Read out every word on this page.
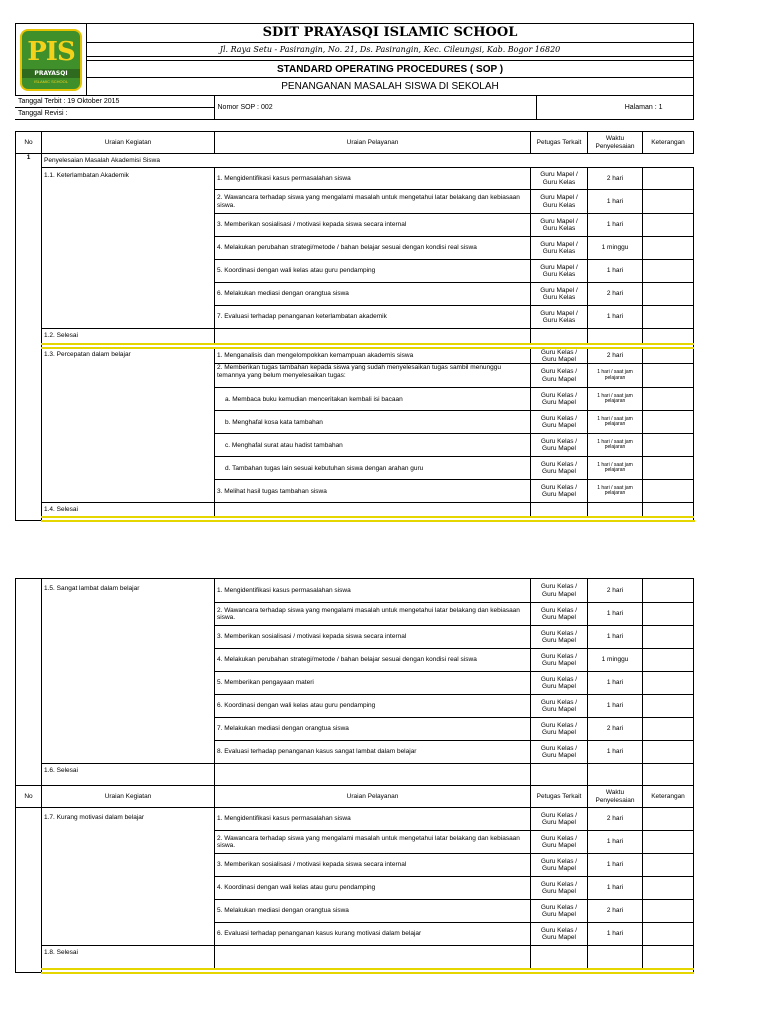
PIS
PRAYASQI
ISLAMIC SCHOOL
	SDIT PRAYASQI ISLAMIC SCHOOL
Jl. Raya Setu - Pasirangin, No. 21, Ds. Pasirangin, Kec. Cileungsi, Kab. Bogor 16820

STANDARD OPERATING PROCEDURES ( SOP )
PENANGANAN MASALAH SISWA DI SEKOLAH
Tanggal Terbit : 19 Oktober 2015	Nomor SOP : 002	Halaman : 1
Tanggal Revisi :
No	Uraian Kegiatan	Uraian Pelayanan	Petugas Terkait	Waktu Penyelesaian	Keterangan
1	Penyelesaian Masalah Akademisi Siswa				
	1.1. Keterlambatan Akademik	1. Mengidentifikasi kasus permasalahan siswa	Guru Mapel / Guru Kelas	2 hari	
		2. Wawancara terhadap siswa yang mengalami masalah untuk mengetahui latar belakang dan kebiasaan siswa.	Guru Mapel / Guru Kelas	1 hari	
		3. Memberikan sosialisasi / motivasi kepada siswa secara internal	Guru Mapel / Guru Kelas	1 hari	
		4. Melakukan perubahan strategi/metode / bahan belajar sesuai dengan kondisi real siswa	Guru Mapel / Guru Kelas	1 minggu	
		5. Koordinasi dengan wali kelas atau guru pendamping	Guru Mapel / Guru Kelas	1 hari	
		6. Melakukan mediasi dengan orangtua siswa	Guru Mapel / Guru Kelas	2 hari	
		7. Evaluasi terhadap penanganan keterlambatan akademik	Guru Mapel / Guru Kelas	1 hari	
	1.2. Selesai				

	1.3. Percepatan dalam belajar	1. Menganalisis dan mengelompokkan kemampuan akademis siswa	Guru Kelas / Guru Mapel	2 hari	
		2. Memberikan tugas tambahan kepada siswa yang sudah menyelesaikan tugas sambil menunggu temannya yang belum menyelesaikan tugas:	Guru Kelas / Guru Mapel	1 hari / saat jam pelajaran	
		a. Membaca buku kemudian menceritakan kembali isi bacaan	Guru Kelas / Guru Mapel	1 hari / saat jam pelajaran	
		b. Menghafal kosa kata tambahan	Guru Kelas / Guru Mapel	1 hari / saat jam pelajaran	
		c. Menghafal surat atau hadist tambahan	Guru Kelas / Guru Mapel	1 hari / saat jam pelajaran	
		d. Tambahan tugas lain sesuai kebutuhan siswa dengan arahan guru	Guru Kelas / Guru Mapel	1 hari / saat jam pelajaran	
		3. Melihat hasil tugas tambahan siswa	Guru Kelas / Guru Mapel	1 hari / saat jam pelajaran	
	1.4. Selesai				

	1.5. Sangat lambat dalam belajar	1. Mengidentifikasi kasus permasalahan siswa	Guru Kelas / Guru Mapel	2 hari	
		2. Wawancara terhadap siswa yang mengalami masalah untuk mengetahui latar belakang dan kebiasaan siswa.	Guru Kelas / Guru Mapel	1 hari	
		3. Memberikan sosialisasi / motivasi kepada siswa secara internal	Guru Kelas / Guru Mapel	1 hari	
		4. Melakukan perubahan strategi/metode / bahan belajar sesuai dengan kondisi real siswa	Guru Kelas / Guru Mapel	1 minggu	
		5. Memberikan pengayaan materi	Guru Kelas / Guru Mapel	1 hari	
		6. Koordinasi dengan wali kelas atau guru pendamping	Guru Kelas / Guru Mapel	1 hari	
		7. Melakukan mediasi dengan orangtua siswa	Guru Kelas / Guru Mapel	2 hari	
		8. Evaluasi terhadap penanganan kasus sangat lambat dalam belajar	Guru Kelas / Guru Mapel	1 hari	
	1.6. Selesai				
No	Uraian Kegiatan	Uraian Pelayanan	Petugas Terkait	Waktu Penyelesaian	Keterangan
	1.7. Kurang motivasi dalam belajar	1. Mengidentifikasi kasus permasalahan siswa	Guru Kelas / Guru Mapel	2 hari	
		2. Wawancara terhadap siswa yang mengalami masalah untuk mengetahui latar belakang dan kebiasaan siswa.	Guru Kelas / Guru Mapel	1 hari	
		3. Memberikan sosialisasi / motivasi kepada siswa secara internal	Guru Kelas / Guru Mapel	1 hari	
		4. Koordinasi dengan wali kelas atau guru pendamping	Guru Kelas / Guru Mapel	1 hari	
		5. Melakukan mediasi dengan orangtua siswa	Guru Kelas / Guru Mapel	2 hari	
		6. Evaluasi terhadap penanganan kasus kurang motivasi dalam belajar	Guru Kelas / Guru Mapel	1 hari	
	1.8. Selesai				
